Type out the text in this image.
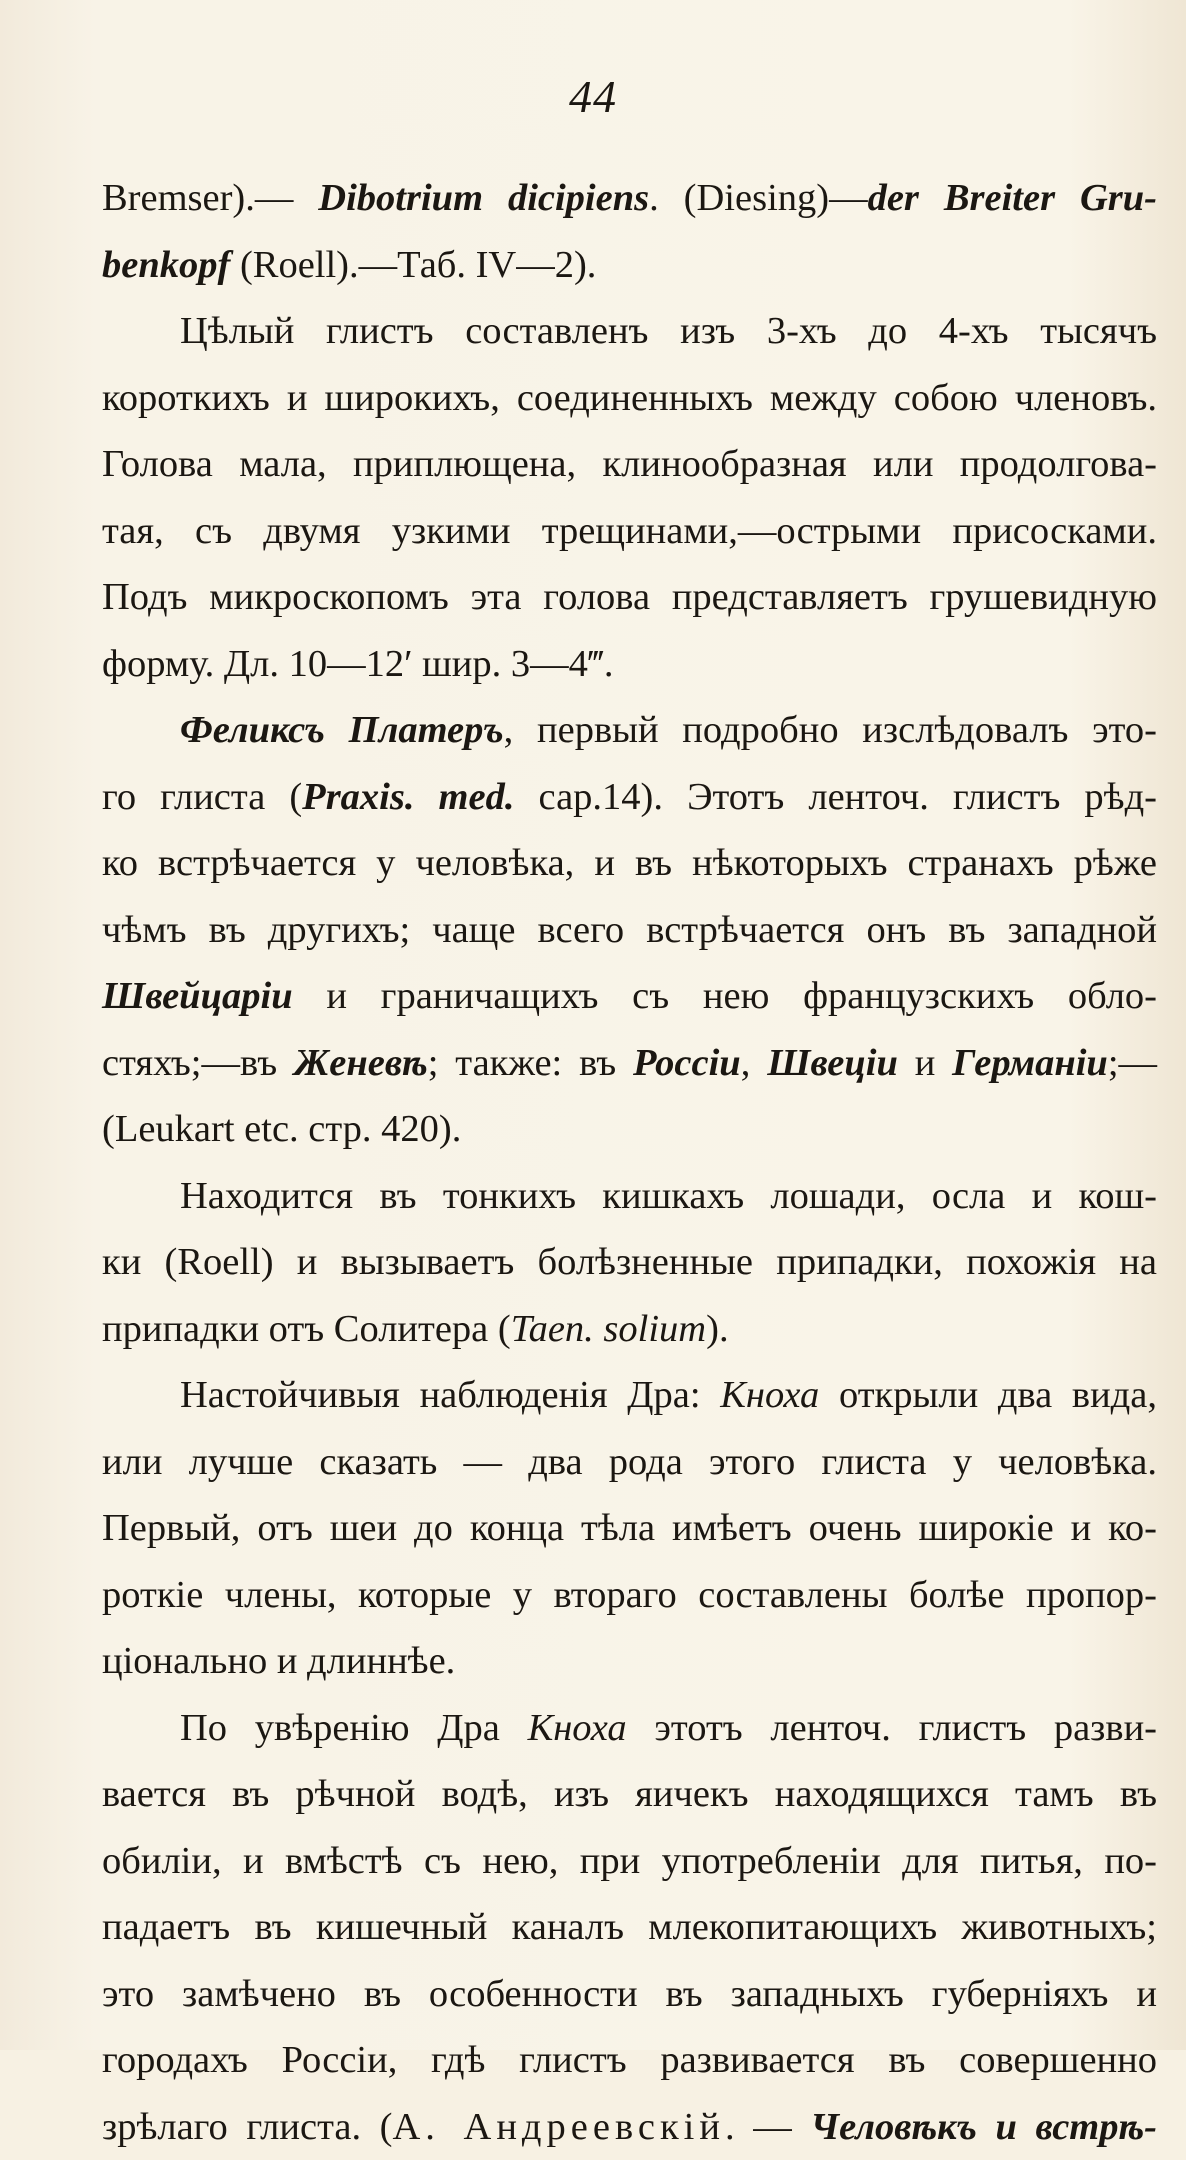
44

Bremser).— Dibotrium dicipiens. (Diesing)—der Breiter Gru-
benkopf (Roell).—Таб. IV—2).

Цѣлый глистъ составленъ изъ 3-хъ до 4-хъ тысячъ
короткихъ и широкихъ, соединенныхъ между собою членовъ.
Голова мала, приплющена, клинообразная или продолгова-
тая, съ двумя узкими трещинами,—острыми присосками.
Подъ микроскопомъ эта голова представляетъ грушевидную
форму. Дл. 10—12′ шир. 3—4‴.

Феликсъ Платеръ, первый подробно изслѣдовалъ это-
го глиста (Praxis. med. сар.14). Этотъ ленточ. глистъ рѣд-
ко встрѣчается у человѣка, и въ нѣкоторыхъ странахъ рѣже
чѣмъ въ другихъ; чаще всего встрѣчается онъ въ западной
Швейцаріи и граничащихъ съ нею французскихъ обло-
стяхъ;—въ Женевѣ; также: въ Россіи, Швеціи и Германіи;—
(Leukart etc. стр. 420).

Находится въ тонкихъ кишкахъ лошади, осла и кош-
ки (Roell) и вызываетъ болѣзненные припадки, похожія на
припадки отъ Солитера (Taen. solium).

Настойчивыя наблюденія Дра: Кноха открыли два вида,
или лучше сказать — два рода этого глиста у человѣка.
Первый, отъ шеи до конца тѣла имѣетъ очень широкіе и ко-
роткіе члены, которые у втораго составлены болѣе пропор-
ціонально и длиннѣе.

По увѣренію Дра Кноха этотъ ленточ. глистъ разви-
вается въ рѣчной водѣ, изъ яичекъ находящихся тамъ въ
обиліи, и вмѣстѣ съ нею, при употребленіи для питья, по-
падаетъ въ кишечный каналъ млекопитающихъ животныхъ;
это замѣчено въ особенности въ западныхъ губерніяхъ и
городахъ Россіи, гдѣ глистъ развивается въ совершенно
зрѣлаго глиста. (А. Андреевскій. — Человѣкъ и встрѣ-
